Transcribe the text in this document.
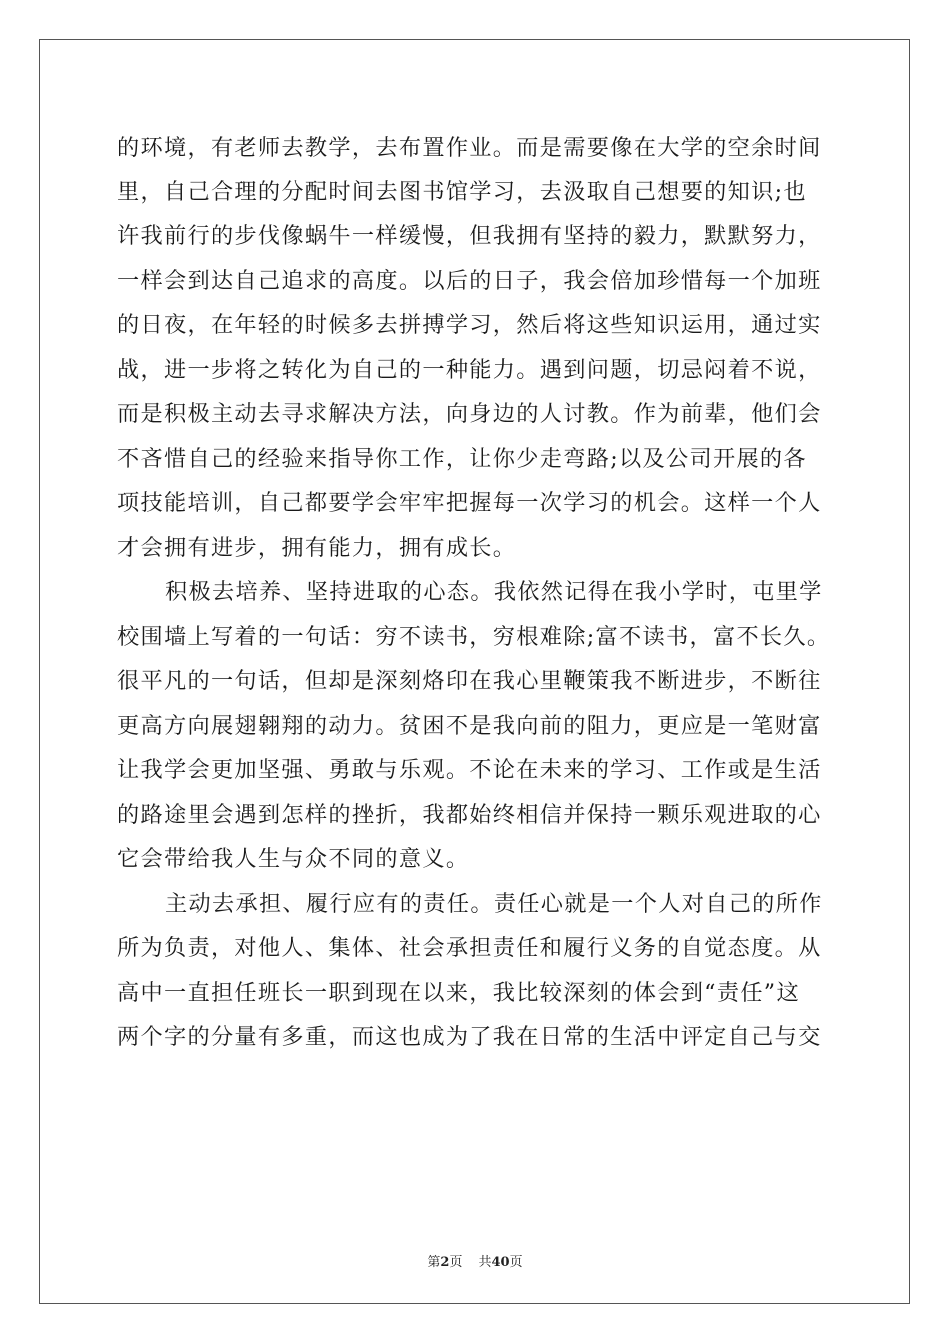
的环境，有老师去教学，去布置作业。而是需要像在大学的空余时间
里，自己合理的分配时间去图书馆学习，去汲取自己想要的知识;也
许我前行的步伐像蜗牛一样缓慢，但我拥有坚持的毅力，默默努力，
一样会到达自己追求的高度。以后的日子，我会倍加珍惜每一个加班
的日夜，在年轻的时候多去拼搏学习，然后将这些知识运用，通过实
战，进一步将之转化为自己的一种能力。遇到问题，切忌闷着不说，
而是积极主动去寻求解决方法，向身边的人讨教。作为前辈，他们会
不吝惜自己的经验来指导你工作，让你少走弯路;以及公司开展的各
项技能培训，自己都要学会牢牢把握每一次学习的机会。这样一个人
才会拥有进步，拥有能力，拥有成长。
积极去培养、坚持进取的心态。我依然记得在我小学时，屯里学
校围墙上写着的一句话：穷不读书，穷根难除;富不读书，富不长久。
很平凡的一句话，但却是深刻烙印在我心里鞭策我不断进步，不断往
更高方向展翅翱翔的动力。贫困不是我向前的阻力，更应是一笔财富
让我学会更加坚强、勇敢与乐观。不论在未来的学习、工作或是生活
的路途里会遇到怎样的挫折，我都始终相信并保持一颗乐观进取的心
它会带给我人生与众不同的意义。
主动去承担、履行应有的责任。责任心就是一个人对自己的所作
所为负责，对他人、集体、社会承担责任和履行义务的自觉态度。从
高中一直担任班长一职到现在以来，我比较深刻的体会到“责任”这
两个字的分量有多重，而这也成为了我在日常的生活中评定自己与交
第2页 共40页
